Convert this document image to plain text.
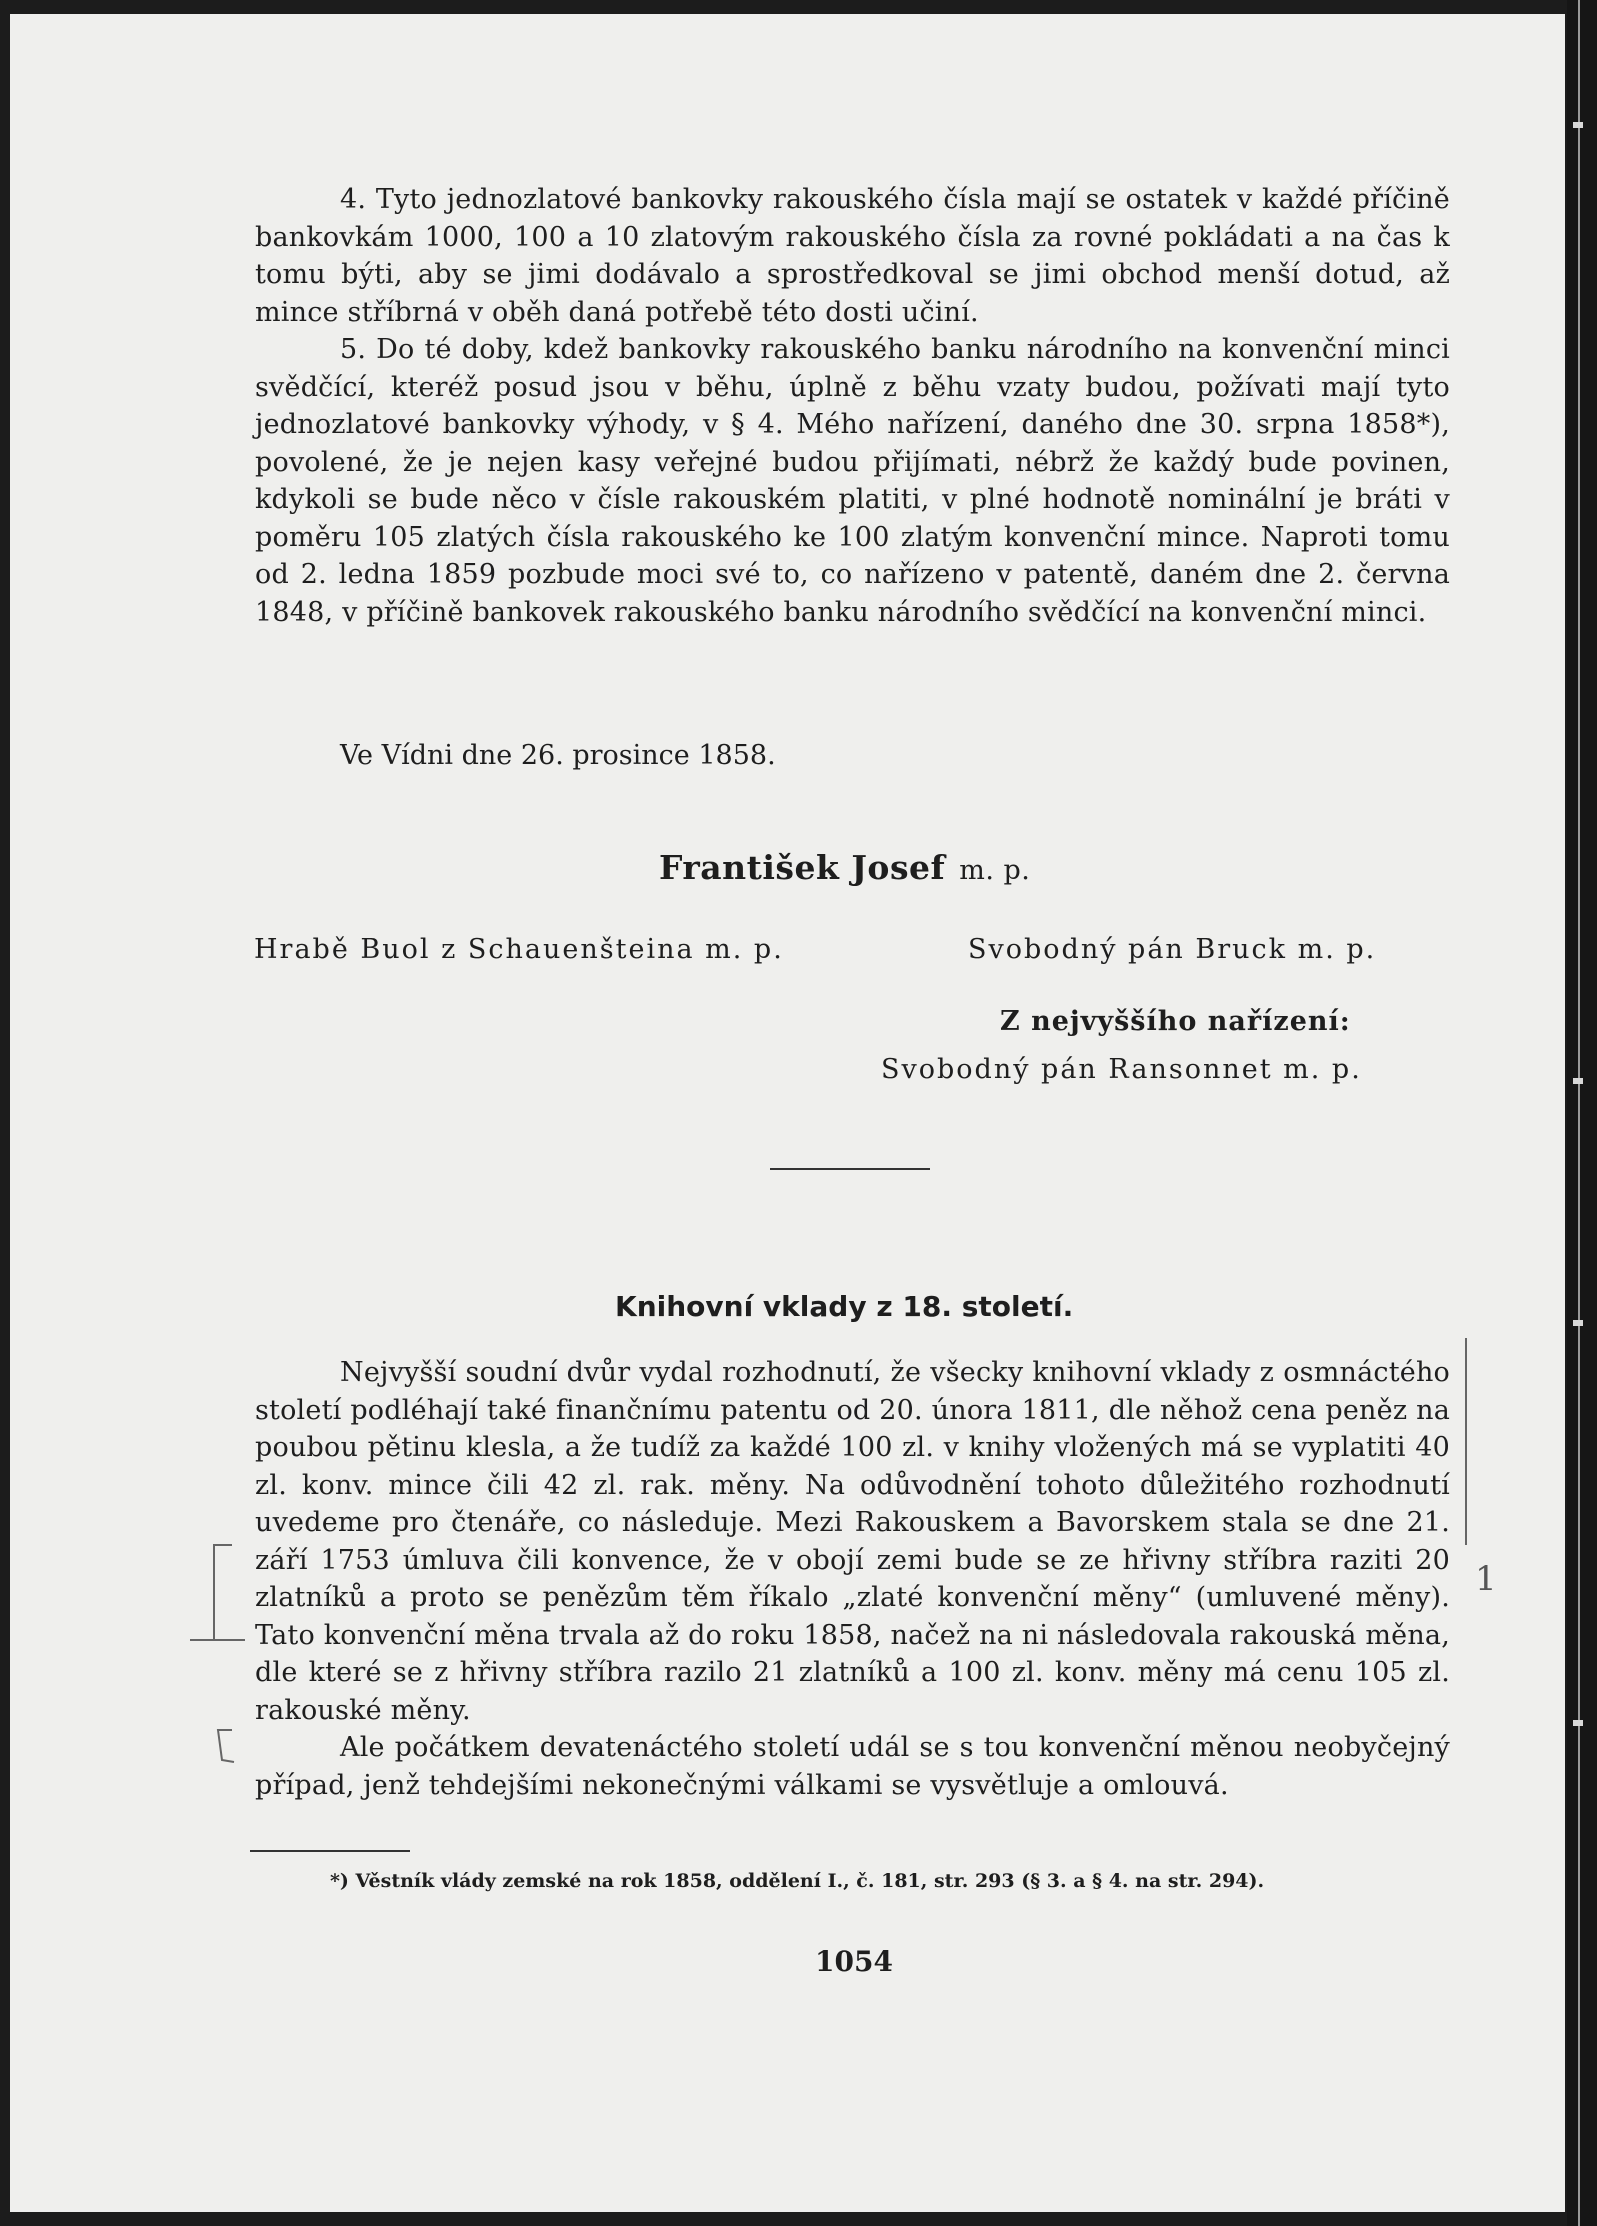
4. Tyto jednozlatové bankovky rakouského čísla mají se ostatek v každé příčině bankovkám 1000, 100 a 10 zlatovým rakouského čísla za rovné pokládati a na čas k tomu býti, aby se jimi dodávalo a sprostředkoval se jimi obchod menší dotud, až mince stříbrná v oběh daná potřebě této dosti učiní.

5. Do té doby, kdež bankovky rakouského banku národního na konvenční minci svědčící, kteréž posud jsou v běhu, úplně z běhu vzaty budou, požívati mají tyto jednozlatové bankovky výhody, v § 4. Mého nařízení, daného dne 30. srpna 1858*), povolené, že je nejen kasy veřejné budou přijímati, nébrž že každý bude povinen, kdykoli se bude něco v čísle rakouském platiti, v plné hodnotě nominální je bráti v poměru 105 zlatých čísla rakouského ke 100 zlatým konvenční mince. Naproti tomu od 2. ledna 1859 pozbude moci své to, co nařízeno v patentě, daném dne 2. června 1848, v příčině bankovek rakouského banku národního svědčící na konvenční minci.

Ve Vídni dne 26. prosince 1858.
František Josef m. p.
Hrabě Buol z Schauenšteina m. p.	Svobodný pán Bruck m. p.
Z nejvyššího nařízení:
Svobodný pán Ransonnet m. p.
Knihovní vklady z 18. století.

Nejvyšší soudní dvůr vydal rozhodnutí, že všecky knihovní vklady z osmnáctého století podléhají také finančnímu patentu od 20. února 1811, dle něhož cena peněz na poubou pětinu klesla, a že tudíž za každé 100 zl. v knihy vložených má se vyplatiti 40 zl. konv. mince čili 42 zl. rak. měny. Na odůvodnění tohoto důležitého rozhodnutí uvedeme pro čtenáře, co následuje. Mezi Rakouskem a Bavorskem stala se dne 21. září 1753 úmluva čili konvence, že v obojí zemi bude se ze hřivny stříbra raziti 20 zlatníků a proto se penězům těm říkalo „zlaté konvenční měny“ (umluvené měny). Tato konvenční měna trvala až do roku 1858, načež na ni následovala rakouská měna, dle které se z hřivny stříbra razilo 21 zlatníků a 100 zl. konv. měny má cenu 105 zl. rakouské měny.

Ale počátkem devatenáctého století udál se s tou konvenční měnou neobyčejný případ, jenž tehdejšími nekonečnými válkami se vysvětluje a omlouvá.

*) Věstník vlády zemské na rok 1858, oddělení I., č. 181, str. 293 (§ 3. a § 4. na str. 294).
1054
1
